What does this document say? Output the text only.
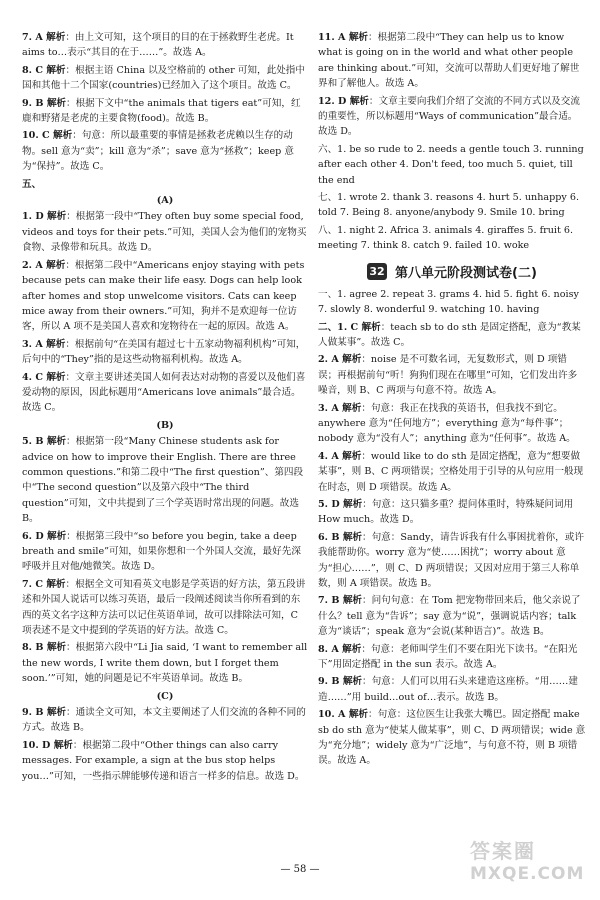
7. A 解析：由上文可知，这个项目的目的在于拯救野生老虎。It aims to…表示“其目的在于……”。故选 A。
8. C 解析：根据主语 China 以及空格前的 other 可知，此处指中国和其他十二个国家(countries)已经加入了这个项目。故选 C。
9. B 解析：根据下文中“the animals that tigers eat”可知，红鹿和野猪是老虎的主要食物(food)。故选 B。
10. C 解析：句意：所以最重要的事情是拯救老虎赖以生存的动物。sell 意为“卖”；kill 意为“杀”；save 意为“拯救”；keep 意为“保持”。故选 C。
五、
(A)
1. D 解析：根据第一段中“They often buy some special food, videos and toys for their pets.”可知，美国人会为他们的宠物买食物、录像带和玩具。故选 D。
2. A 解析：根据第二段中“Americans enjoy staying with pets because pets can make their life easy. Dogs can help look after homes and stop unwelcome visitors. Cats can keep mice away from their owners.”可知，狗并不是欢迎每一位访客，所以 A 项不是美国人喜欢和宠物待在一起的原因。故选 A。
3. A 解析：根据前句“在美国有超过七十五家动物福利机构”可知，后句中的“They”指的是这些动物福利机构。故选 A。
4. C 解析：文章主要讲述美国人如何表达对动物的喜爱以及他们喜爱动物的原因，因此标题用“Americans love animals”最合适。故选 C。
(B)
5. B 解析：根据第一段“Many Chinese students ask for advice on how to improve their English. There are three common questions.”和第二段中“The first question”、第四段中“The second question”以及第六段中“The third question”可知，文中共提到了三个学英语时常出现的问题。故选 B。
6. D 解析：根据第三段中“so before you begin, take a deep breath and smile”可知，如果你想和一个外国人交流，最好先深呼吸并且对他/她微笑。故选 D。
7. C 解析：根据全文可知看英文电影是学英语的好方法，第五段讲述和外国人说话可以练习英语，最后一段阐述阅读当你所看到的东西的英文名字这种方法可以记住英语单词，故可以排除法可知，C 项表述不是文中提到的学英语的好方法。故选 C。
8. B 解析：根据第六段中“Li Jia said, ‘I want to remember all the new words, I write them down, but I forget them soon.’”可知，她的问题是记不牢英语单词。故选 B。
(C)
9. B 解析：通读全文可知，本文主要阐述了人们交流的各种不同的方式。故选 B。
10. D 解析：根据第二段中“Other things can also carry messages. For example, a sign at the bus stop helps you…”可知，一些指示牌能够传递和语言一样多的信息。故选 D。
11. A 解析：根据第二段中“They can help us to know what is going on in the world and what other people are thinking about.”可知，交流可以帮助人们更好地了解世界和了解他人。故选 A。
12. D 解析：文章主要向我们介绍了交流的不同方式以及交流的重要性，所以标题用“Ways of communication”最合适。故选 D。
六、1. be so rude to 2. needs a gentle touch 3. running after each other 4. Don't feed, too much 5. quiet, till the end
七、1. wrote 2. thank 3. reasons 4. hurt 5. unhappy 6. told 7. Being 8. anyone/anybody 9. Smile 10. bring
八、1. night 2. Africa 3. animals 4. giraffes 5. fruit 6. meeting 7. think 8. catch 9. failed 10. woke
32 第八单元阶段测试卷(二)
一、1. agree 2. repeat 3. grams 4. hid 5. fight 6. noisy 7. slowly 8. wonderful 9. watching 10. having
二、1. C 解析：teach sb to do sth 是固定搭配，意为“教某人做某事”。故选 C。
2. A 解析：noise 是不可数名词，无复数形式，则 D 项错误；再根据前句“听！狗狗们现在在哪里”可知，它们发出许多噪音，则 B、C 两项与句意不符。故选 A。
3. A 解析：句意：我正在找我的英语书，但我找不到它。anywhere 意为“任何地方”；everything 意为“每件事”；nobody 意为“没有人”；anything 意为“任何事”。故选 A。
4. A 解析：would like to do sth 是固定搭配，意为“想要做某事”，则 B、C 两项错误；空格处用于引导的从句应用一般现在时态，则 D 项错误。故选 A。
5. D 解析：句意：这只猫多重？提问体重时，特殊疑问词用 How much。故选 D。
6. B 解析：句意：Sandy，请告诉我有什么事困扰着你，或许我能帮助你。worry 意为“使……困扰”；worry about 意为“担心……”，则 C、D 两项错误；又因对应用于第三人称单数，则 A 项错误。故选 B。
7. B 解析：问句句意：在 Tom 把宠物带回来后，他父亲说了什么？tell 意为“告诉”；say 意为“说”，强调说话内容；talk 意为“谈话”；speak 意为“会说(某种语言)”。故选 B。
8. A 解析：句意：老师叫学生们不要在阳光下读书。“在阳光下”用固定搭配 in the sun 表示。故选 A。
9. B 解析：句意：人们可以用石头来建造这座桥。“用……建造……”用 build…out of…表示。故选 B。
10. A 解析：句意：这位医生让我张大嘴巴。固定搭配 make sb do sth 意为“使某人做某事”，则 C、D 两项错误；wide 意为“充分地”；widely 意为“广泛地”，与句意不符，则 B 项错误。故选 A。
— 58 —
答案圈
MXQE.COM
